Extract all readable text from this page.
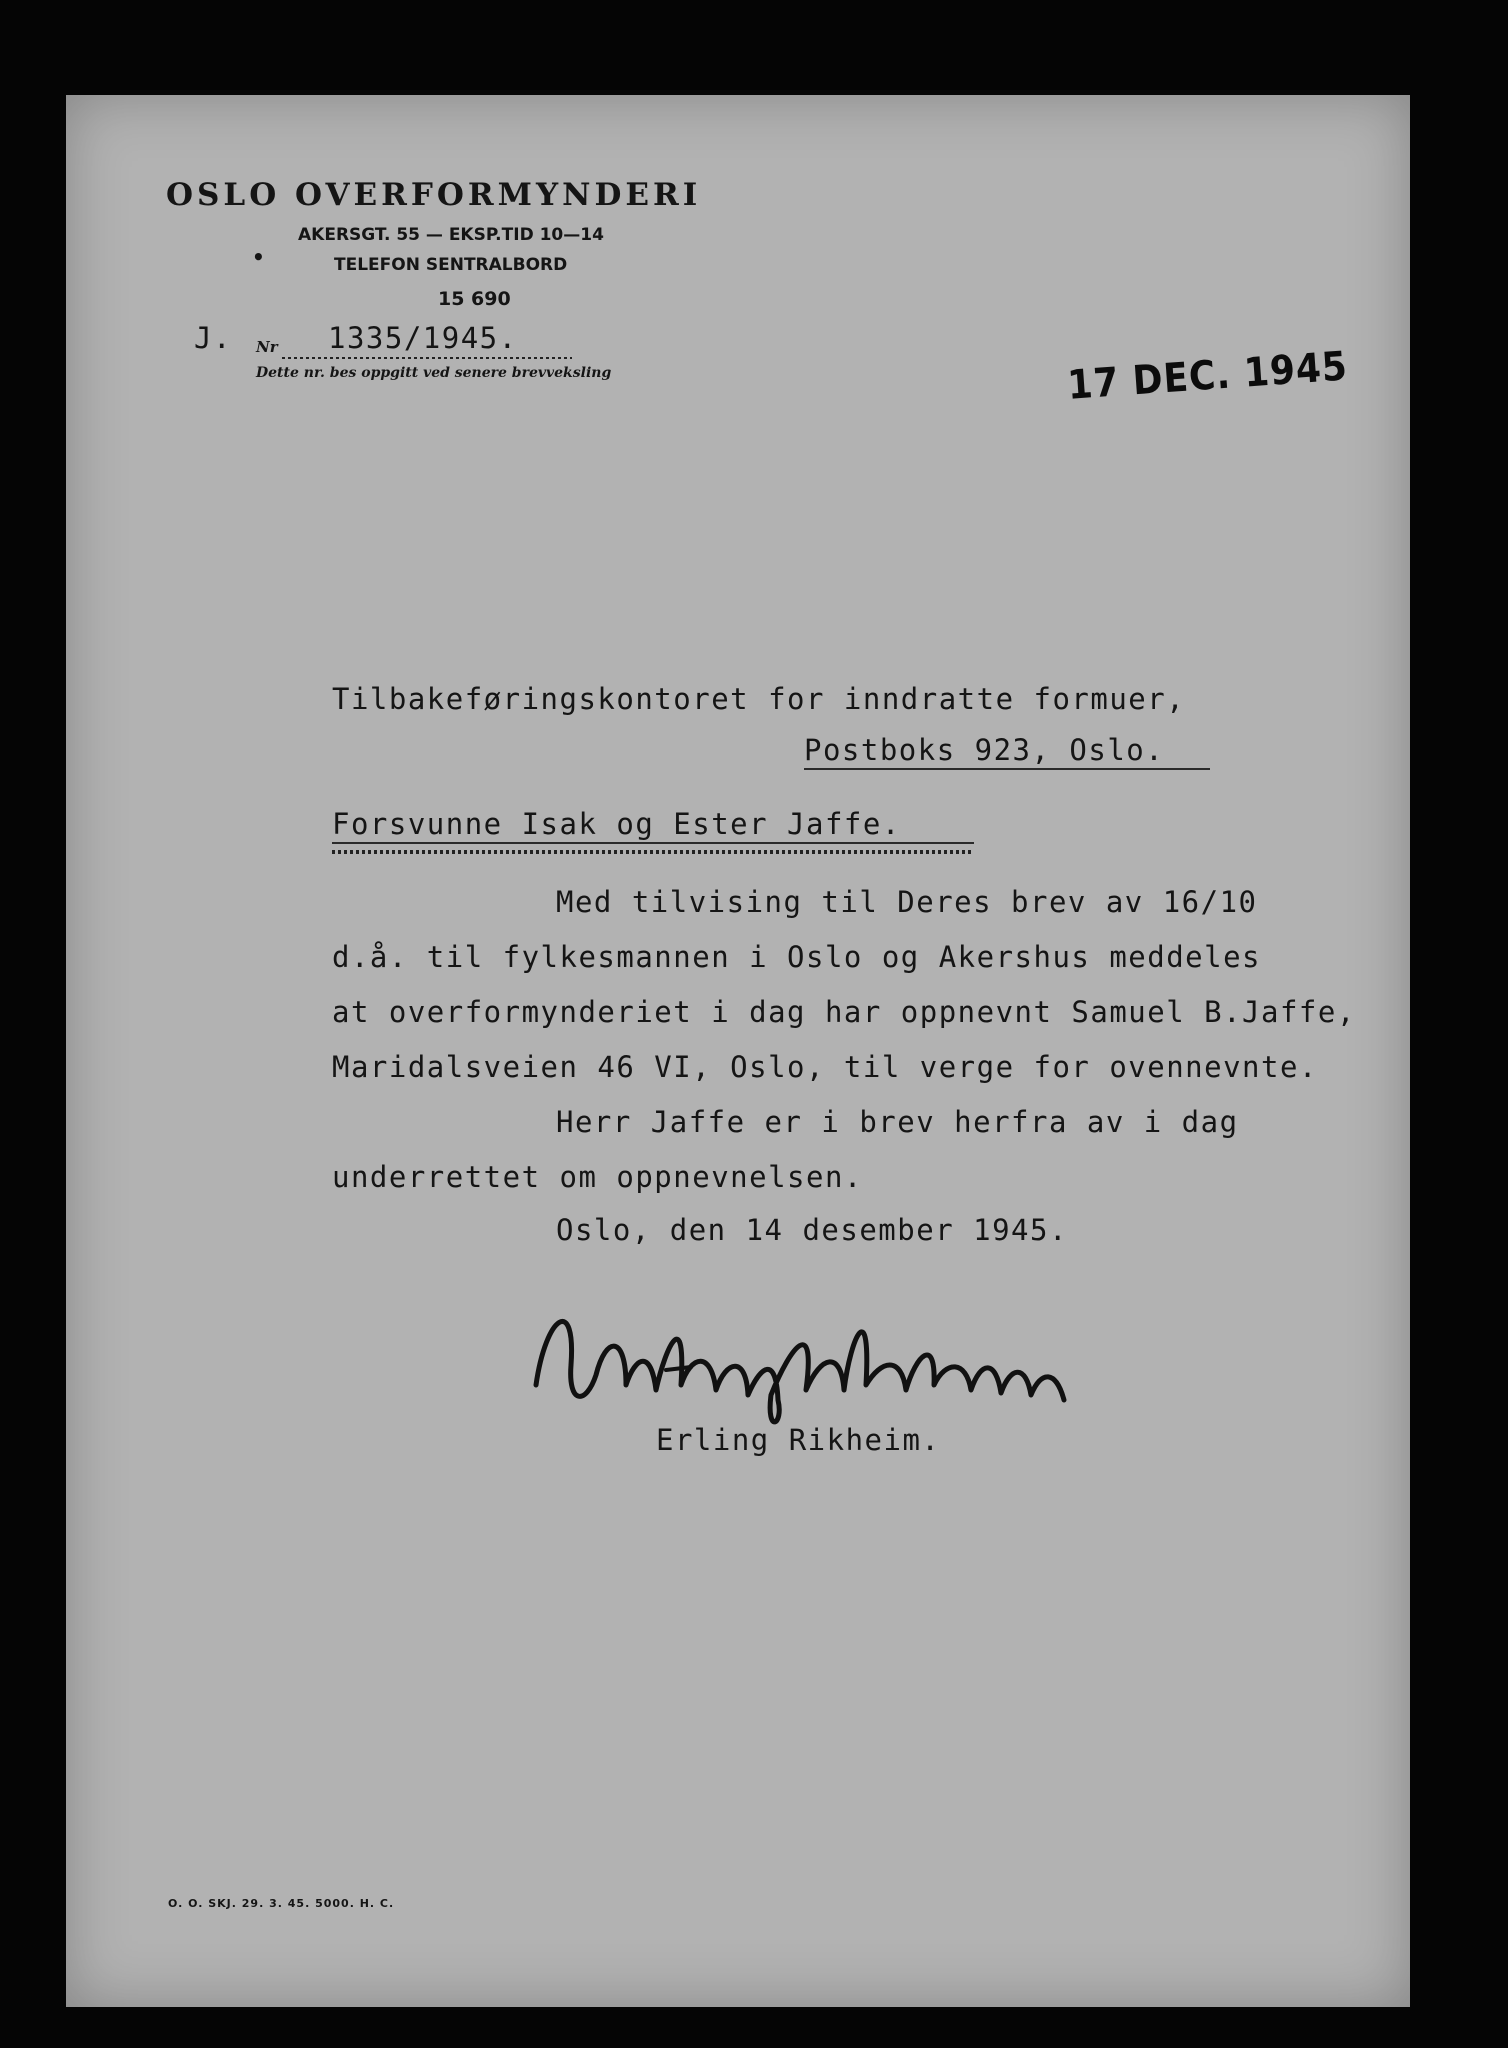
OSLO OVERFORMYNDERI
AKERSGT. 55 — EKSP.TID 10—14
•	TELEFON SENTRALBORD
15 690
J. Nr 1335/1945.
Dette nr. bes oppgitt ved senere brevveksling	17 DEC. 1945
Tilbakeføringskontoret for inndratte formuer,
Postboks 923, Oslo.
Forsvunne Isak og Ester Jaffe.
Med tilvising til Deres brev av 16/10
d.å. til fylkesmannen i Oslo og Akershus meddeles
at overformynderiet i dag har oppnevnt Samuel B.Jaffe,
Maridalsveien 46 VI, Oslo, til verge for ovennevnte.
Herr Jaffe er i brev herfra av i dag
underrettet om oppnevnelsen.
Oslo, den 14 desember 1945.
Erling Rikheim.
O. O. SKJ. 29. 3. 45. 5000. H. C.
